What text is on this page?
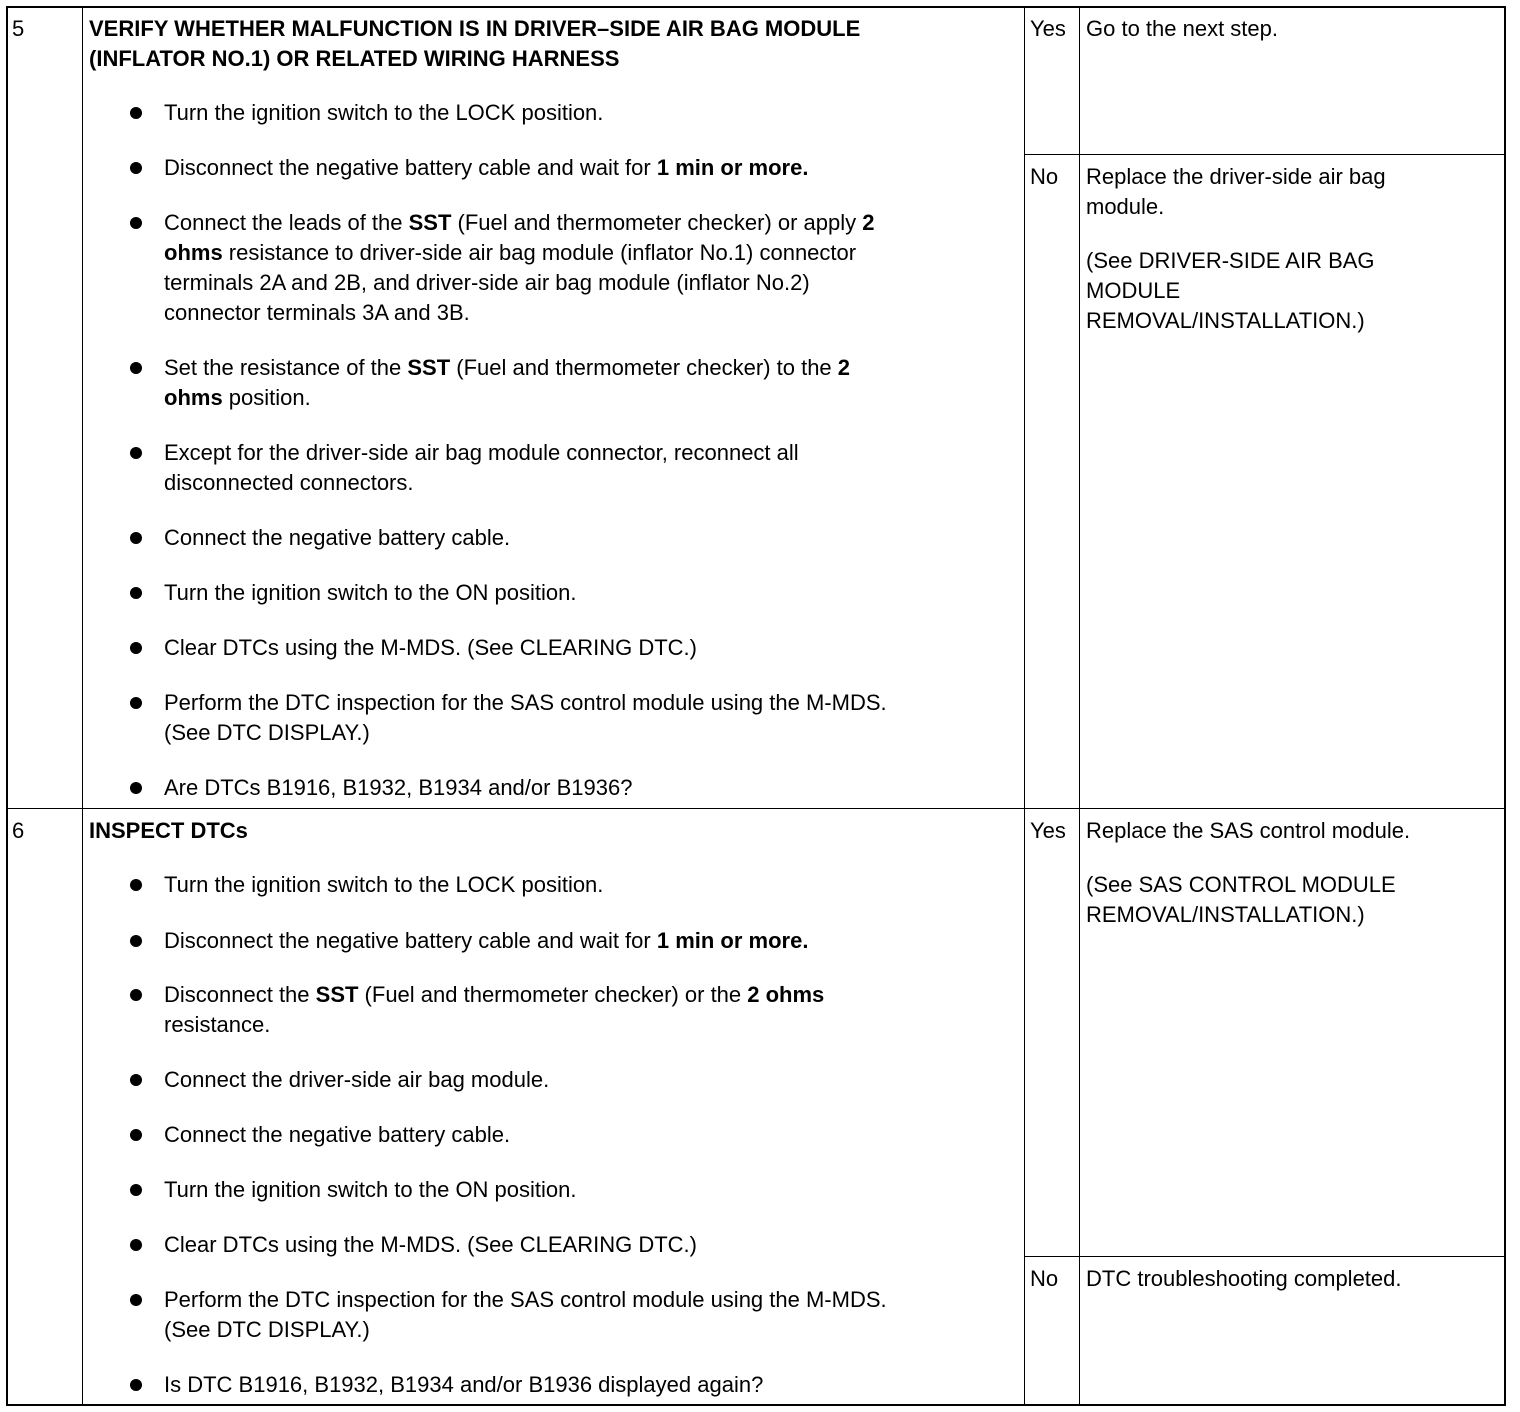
5	VERIFY WHETHER MALFUNCTION IS IN DRIVER–SIDE AIR BAG MODULE
(INFLATOR NO.1) OR RELATED WIRING HARNESS
Turn the ignition switch to the LOCK position.
Disconnect the negative battery cable and wait for 1 min or more.
Connect the leads of the SST (Fuel and thermometer checker) or apply 2
ohms resistance to driver-side air bag module (inflator No.1) connector
terminals 2A and 2B, and driver-side air bag module (inflator No.2)
connector terminals 3A and 3B.
Set the resistance of the SST (Fuel and thermometer checker) to the 2
ohms position.
Except for the driver-side air bag module connector, reconnect all
disconnected connectors.
Connect the negative battery cable.
Turn the ignition switch to the ON position.
Clear DTCs using the M-MDS. (See CLEARING DTC.)
Perform the DTC inspection for the SAS control module using the M-MDS.
(See DTC DISPLAY.)
Are DTCs B1916, B1932, B1934 and/or B1936?
Yes Go to the next step.

No Replace the driver-side air bag
module.

(See DRIVER-SIDE AIR BAG
MODULE
REMOVAL/INSTALLATION.)

6	INSPECT DTCs
Turn the ignition switch to the LOCK position.
Disconnect the negative battery cable and wait for 1 min or more.
Disconnect the SST (Fuel and thermometer checker) or the 2 ohms
resistance.
Connect the driver-side air bag module.
Connect the negative battery cable.
Turn the ignition switch to the ON position.
Clear DTCs using the M-MDS. (See CLEARING DTC.)
Perform the DTC inspection for the SAS control module using the M-MDS.
(See DTC DISPLAY.)
Is DTC B1916, B1932, B1934 and/or B1936 displayed again?
Yes Replace the SAS control module.

(See SAS CONTROL MODULE
REMOVAL/INSTALLATION.)

No DTC troubleshooting completed.
